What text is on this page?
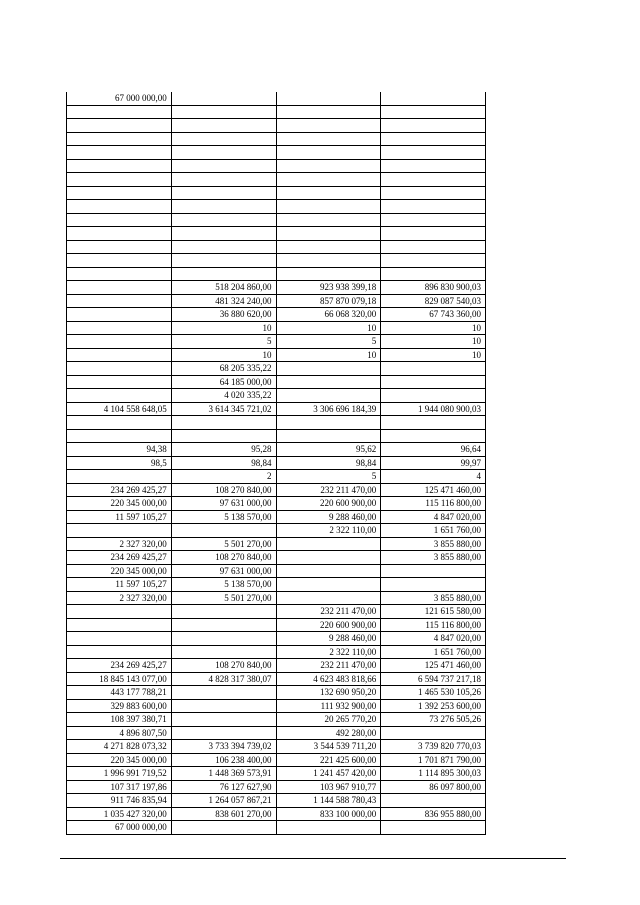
67 000 000,00			

	518 204 860,00	923 938 399,18	896 830 900,03
	481 324 240,00	857 870 079,18	829 087 540,03
	36 880 620,00	66 068 320,00	67 743 360,00
	10	10	10
	5	5	10
	10	10	10
	68 205 335,22		
	64 185 000,00		
	4 020 335,22		
4 104 558 648,05	3 614 345 721,02	3 306 696 184,39	1 944 080 900,03

94,38	95,28	95,62	96,64
98,5	98,84	98,84	99,97
	2	5	4
234 269 425,27	108 270 840,00	232 211 470,00	125 471 460,00
220 345 000,00	97 631 000,00	220 600 900,00	115 116 800,00
11 597 105,27	5 138 570,00	9 288 460,00	4 847 020,00
		2 322 110,00	1 651 760,00
2 327 320,00	5 501 270,00		3 855 880,00
234 269 425,27	108 270 840,00		3 855 880,00
220 345 000,00	97 631 000,00		
11 597 105,27	5 138 570,00		
2 327 320,00	5 501 270,00		3 855 880,00
		232 211 470,00	121 615 580,00
		220 600 900,00	115 116 800,00
		9 288 460,00	4 847 020,00
		2 322 110,00	1 651 760,00
234 269 425,27	108 270 840,00	232 211 470,00	125 471 460,00
18 845 143 077,00	4 828 317 380,07	4 623 483 818,66	6 594 737 217,18
443 177 788,21		132 690 950,20	1 465 530 105,26
329 883 600,00		111 932 900,00	1 392 253 600,00
108 397 380,71		20 265 770,20	73 276 505,26
4 896 807,50		492 280,00	
4 271 828 073,32	3 733 394 739,02	3 544 539 711,20	3 739 820 770,03
220 345 000,00	106 238 400,00	221 425 600,00	1 701 871 790,00
1 996 991 719,52	1 448 369 573,91	1 241 457 420,00	1 114 895 300,03
107 317 197,86	76 127 627,90	103 967 910,77	86 097 800,00
911 746 835,94	1 264 057 867,21	1 144 588 780,43	
1 035 427 320,00	838 601 270,00	833 100 000,00	836 955 880,00
67 000 000,00			
